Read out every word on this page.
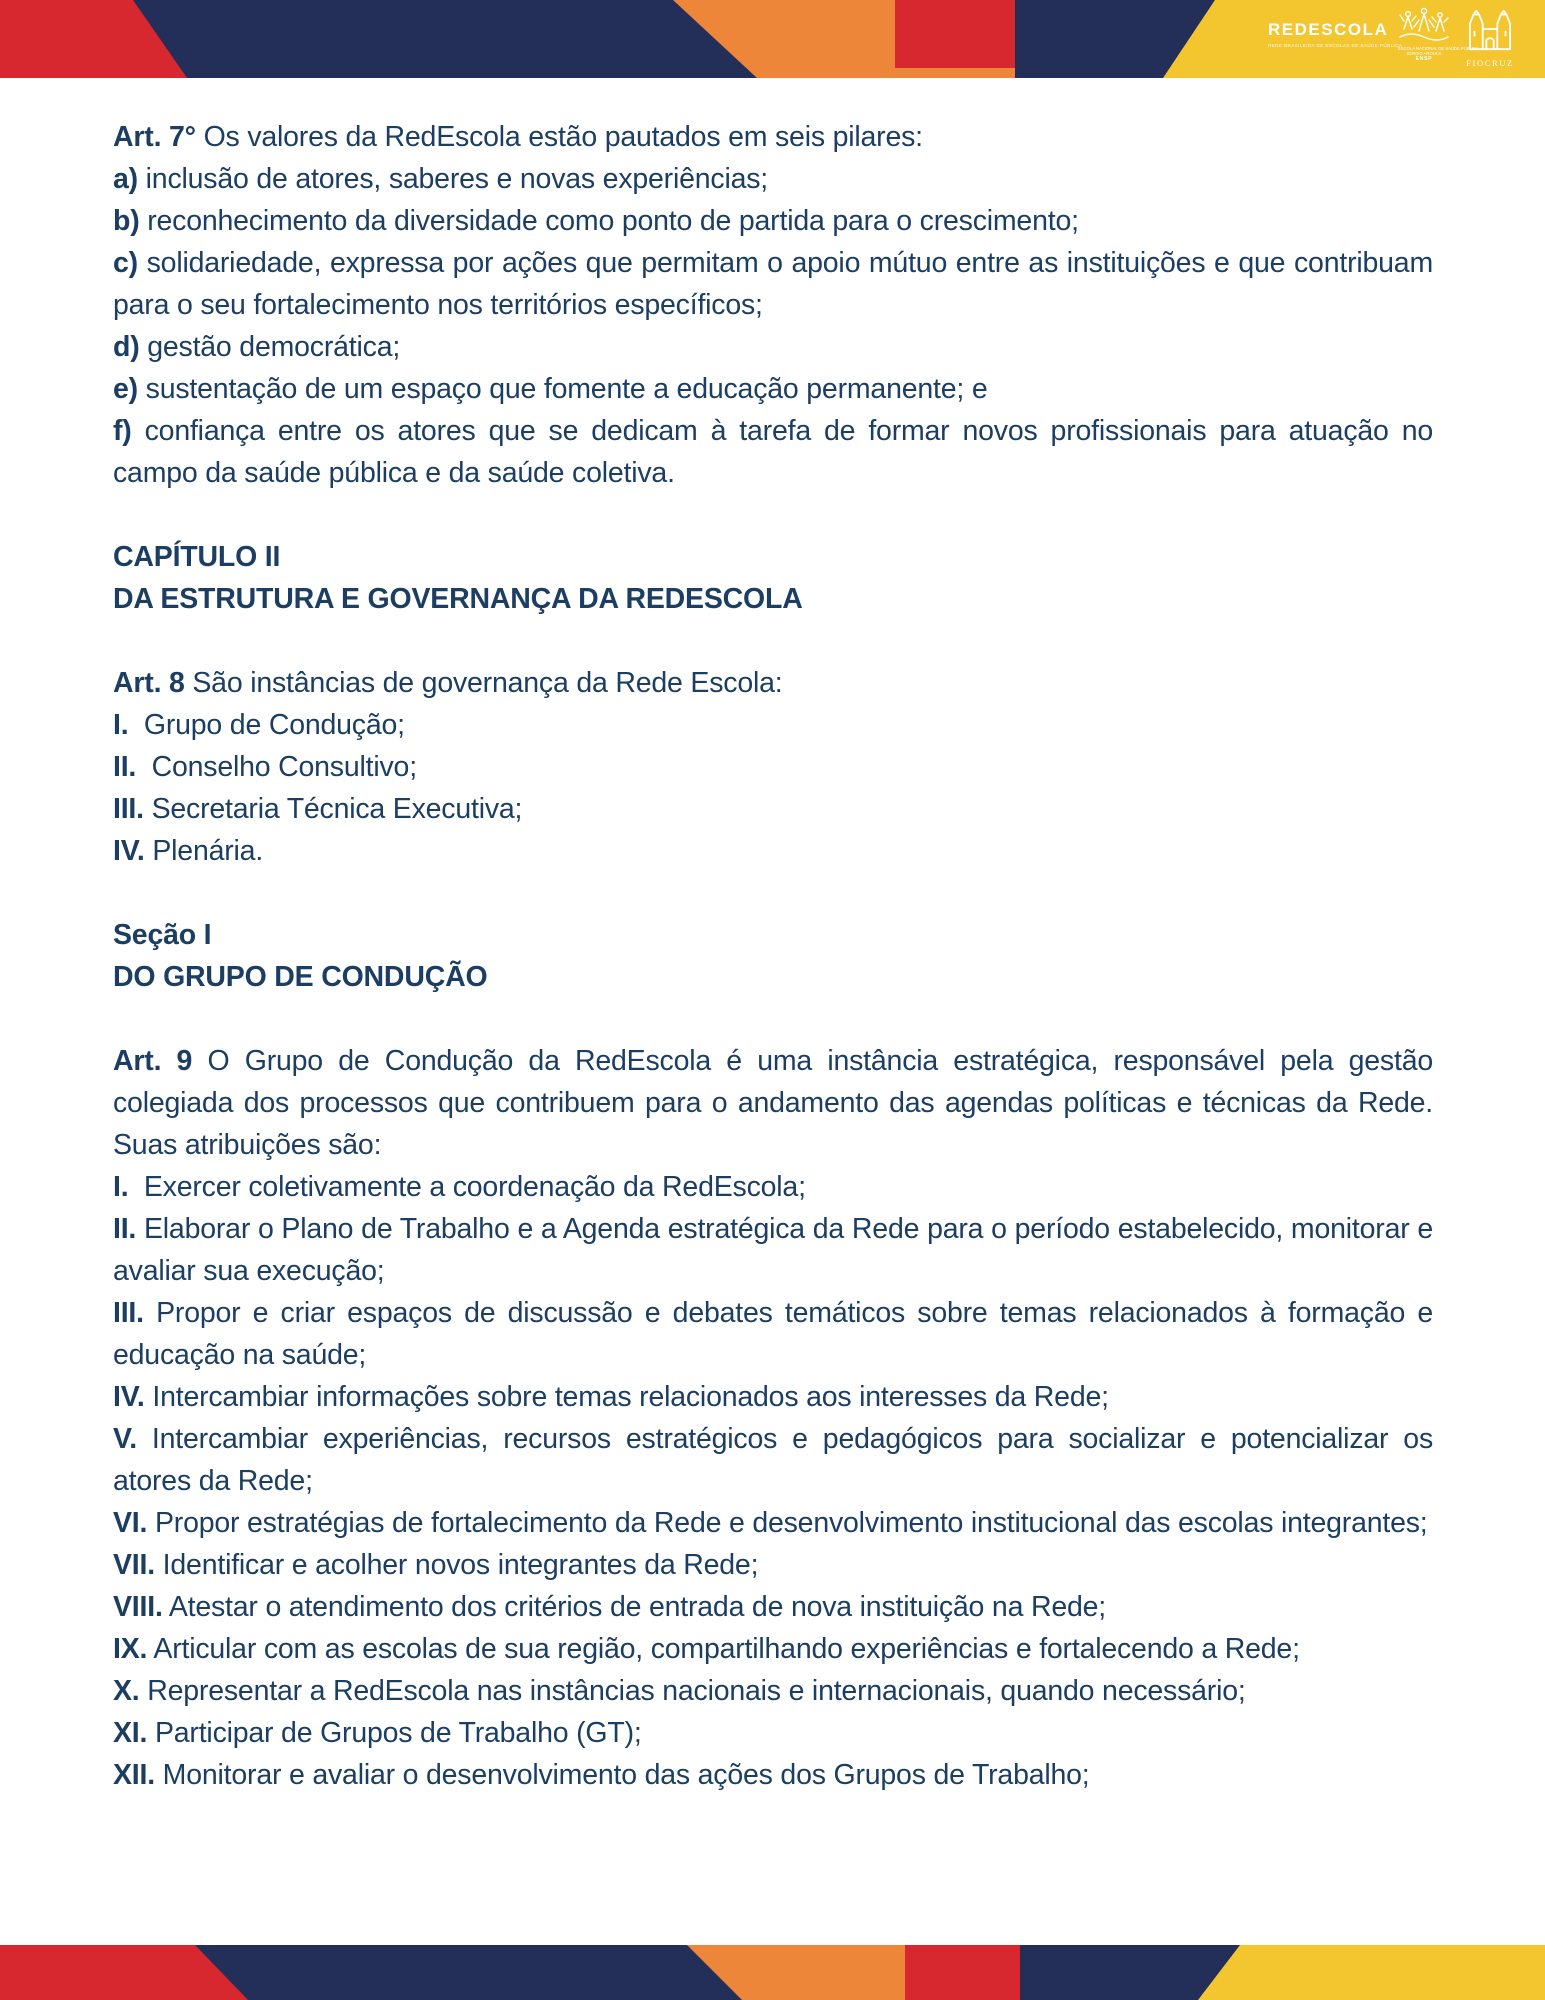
REDESCOLA
REDE BRASILEIRA DE ESCOLAS DE SAÚDE PÚBLICA
ESCOLA NACIONAL DE SAÚDE PÚBLICA
SERGIO AROUCA
ENSP	FIOCRUZ

Art. 7° Os valores da RedEscola estão pautados em seis pilares:

a) inclusão de atores, saberes e novas experiências;

b) reconhecimento da diversidade como ponto de partida para o crescimento;

c) solidariedade, expressa por ações que permitam o apoio mútuo entre as instituições e que contribuam para o seu fortalecimento nos territórios específicos;

d) gestão democrática;

e) sustentação de um espaço que fomente a educação permanente; e

f) confiança entre os atores que se dedicam à tarefa de formar novos profissionais para atuação no campo da saúde pública e da saúde coletiva.

CAPÍTULO II

DA ESTRUTURA E GOVERNANÇA DA REDESCOLA

Art. 8 São instâncias de governança da Rede Escola:

I.  Grupo de Condução;

II.  Conselho Consultivo;

III. Secretaria Técnica Executiva;

IV. Plenária.

Seção I

DO GRUPO DE CONDUÇÃO

Art. 9 O Grupo de Condução da RedEscola é uma instância estratégica, responsável pela gestão colegiada dos processos que contribuem para o andamento das agendas políticas e técnicas da Rede. Suas atribuições são:

I.  Exercer coletivamente a coordenação da RedEscola;

II. Elaborar o Plano de Trabalho e a Agenda estratégica da Rede para o período estabelecido, monitorar e avaliar sua execução;

III. Propor e criar espaços de discussão e debates temáticos sobre temas relacionados à formação e educação na saúde;

IV. Intercambiar informações sobre temas relacionados aos interesses da Rede;

V. Intercambiar experiências, recursos estratégicos e pedagógicos para socializar e potencializar os atores da Rede;

VI. Propor estratégias de fortalecimento da Rede e desenvolvimento institucional das escolas integrantes;

VII. Identificar e acolher novos integrantes da Rede;

VIII. Atestar o atendimento dos critérios de entrada de nova instituição na Rede;

IX. Articular com as escolas de sua região, compartilhando experiências e fortalecendo a Rede;

X. Representar a RedEscola nas instâncias nacionais e internacionais, quando necessário;

XI. Participar de Grupos de Trabalho (GT);

XII. Monitorar e avaliar o desenvolvimento das ações dos Grupos de Trabalho;
